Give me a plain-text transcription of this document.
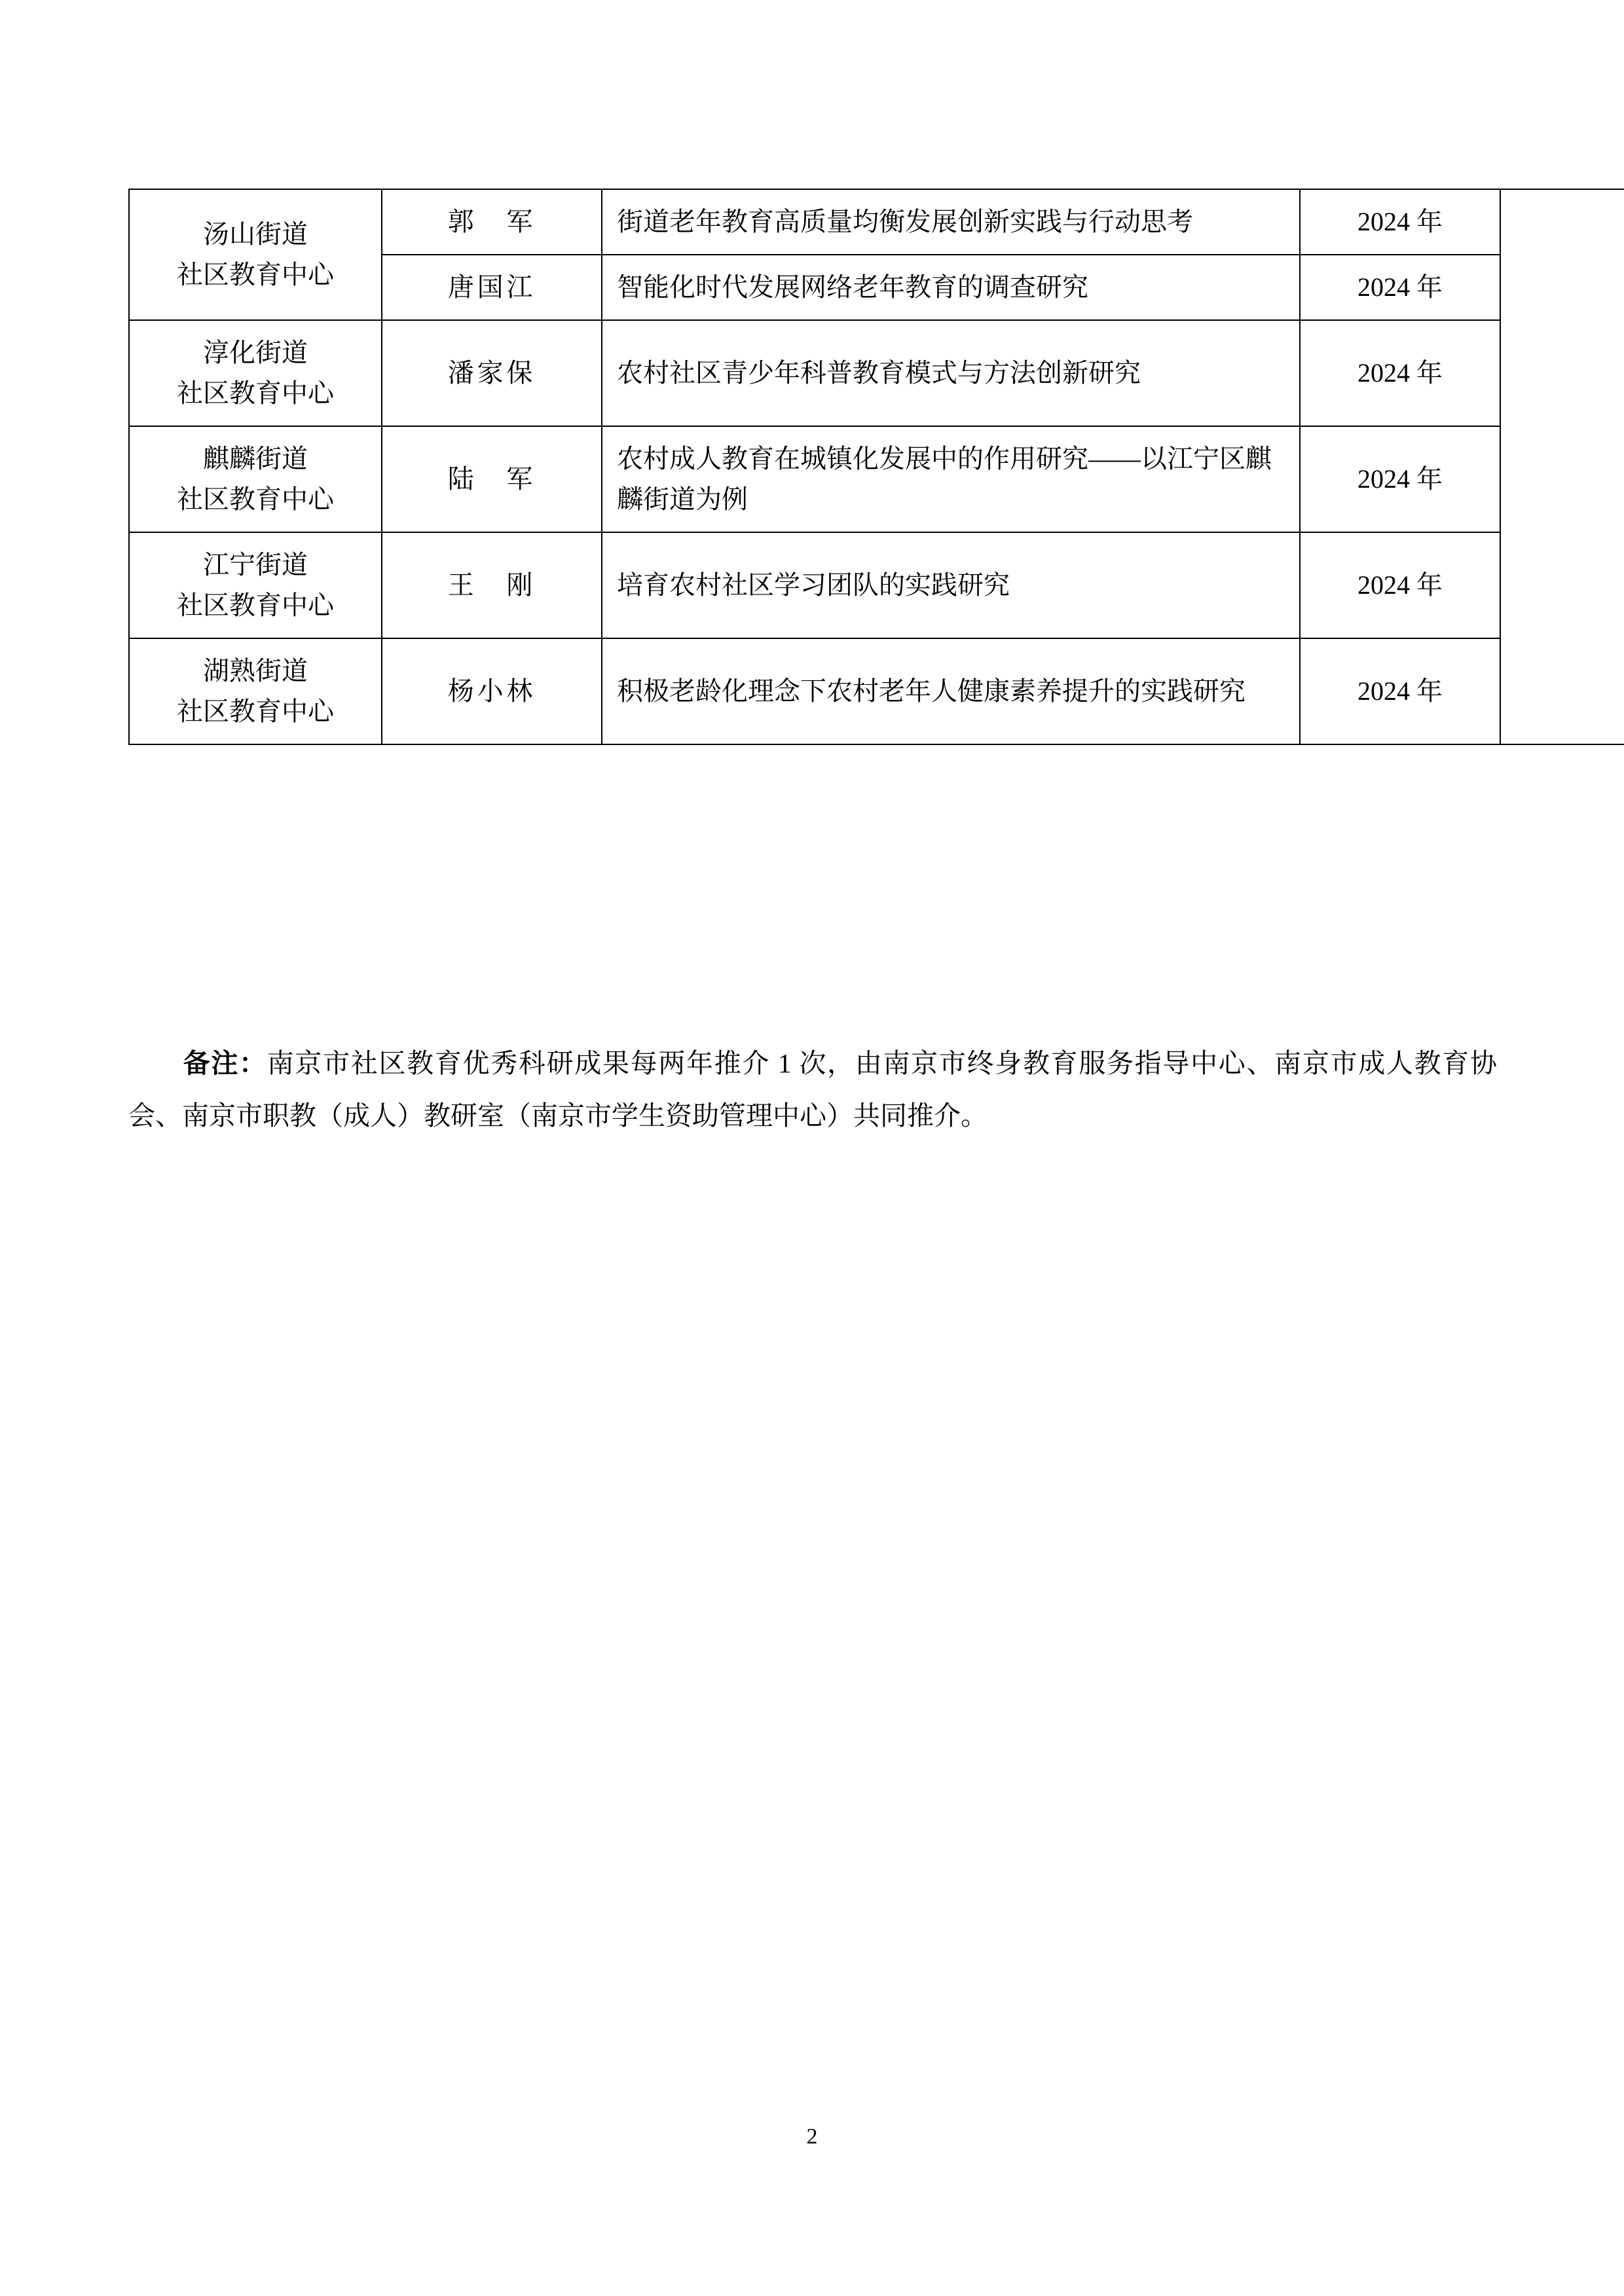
汤山街道
社区教育中心	郭　军	街道老年教育高质量均衡发展创新实践与行动思考	2024 年	
	唐国江	智能化时代发展网络老年教育的调查研究	2024 年	

淳化街道
社区教育中心	潘家保	农村社区青少年科普教育模式与方法创新研究	2024 年	

麒麟街道
社区教育中心	陆　军	农村成人教育在城镇化发展中的作用研究——以江宁区麒麟街道为例	2024 年	

江宁街道
社区教育中心	王　刚	培育农村社区学习团队的实践研究	2024 年	

湖熟街道
社区教育中心	杨小林	积极老龄化理念下农村老年人健康素养提升的实践研究	2024 年	
备注：南京市社区教育优秀科研成果每两年推介 1 次，由南京市终身教育服务指导中心、南京市成人教育协会、南京市职教（成人）教研室（南京市学生资助管理中心）共同推介。
2
